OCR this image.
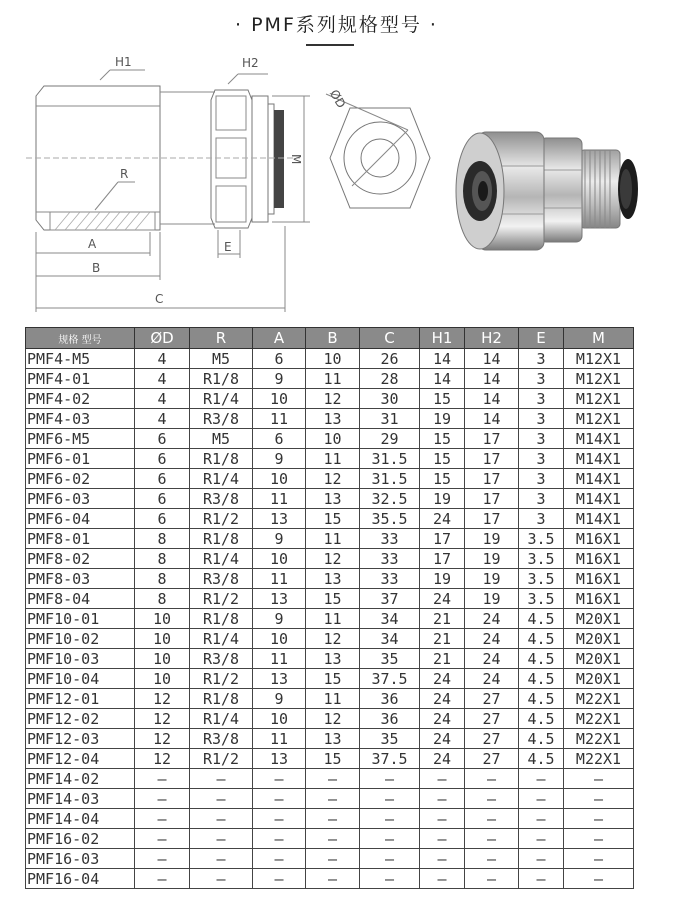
· PMF系列规格型号 ·
M
H1	H2
R
E
A
B
C
ØD
规格 型号	ØD	R	A	B	C	H1	H2	E	M
PMF4-M5	4	M5	6	10	26	14	14	3	M12X1
PMF4-01	4	R1/8	9	11	28	14	14	3	M12X1
PMF4-02	4	R1/4	10	12	30	15	14	3	M12X1
PMF4-03	4	R3/8	11	13	31	19	14	3	M12X1
PMF6-M5	6	M5	6	10	29	15	17	3	M14X1
PMF6-01	6	R1/8	9	11	31.5	15	17	3	M14X1
PMF6-02	6	R1/4	10	12	31.5	15	17	3	M14X1
PMF6-03	6	R3/8	11	13	32.5	19	17	3	M14X1
PMF6-04	6	R1/2	13	15	35.5	24	17	3	M14X1
PMF8-01	8	R1/8	9	11	33	17	19	3.5	M16X1
PMF8-02	8	R1/4	10	12	33	17	19	3.5	M16X1
PMF8-03	8	R3/8	11	13	33	19	19	3.5	M16X1
PMF8-04	8	R1/2	13	15	37	24	19	3.5	M16X1
PMF10-01	10	R1/8	9	11	34	21	24	4.5	M20X1
PMF10-02	10	R1/4	10	12	34	21	24	4.5	M20X1
PMF10-03	10	R3/8	11	13	35	21	24	4.5	M20X1
PMF10-04	10	R1/2	13	15	37.5	24	24	4.5	M20X1
PMF12-01	12	R1/8	9	11	36	24	27	4.5	M22X1
PMF12-02	12	R1/4	10	12	36	24	27	4.5	M22X1
PMF12-03	12	R3/8	11	13	35	24	27	4.5	M22X1
PMF12-04	12	R1/2	13	15	37.5	24	27	4.5	M22X1
PMF14-02	—	—	—	—	—	—	—	—	—
PMF14-03	—	—	—	—	—	—	—	—	—
PMF14-04	—	—	—	—	—	—	—	—	—
PMF16-02	—	—	—	—	—	—	—	—	—
PMF16-03	—	—	—	—	—	—	—	—	—
PMF16-04	—	—	—	—	—	—	—	—	—
